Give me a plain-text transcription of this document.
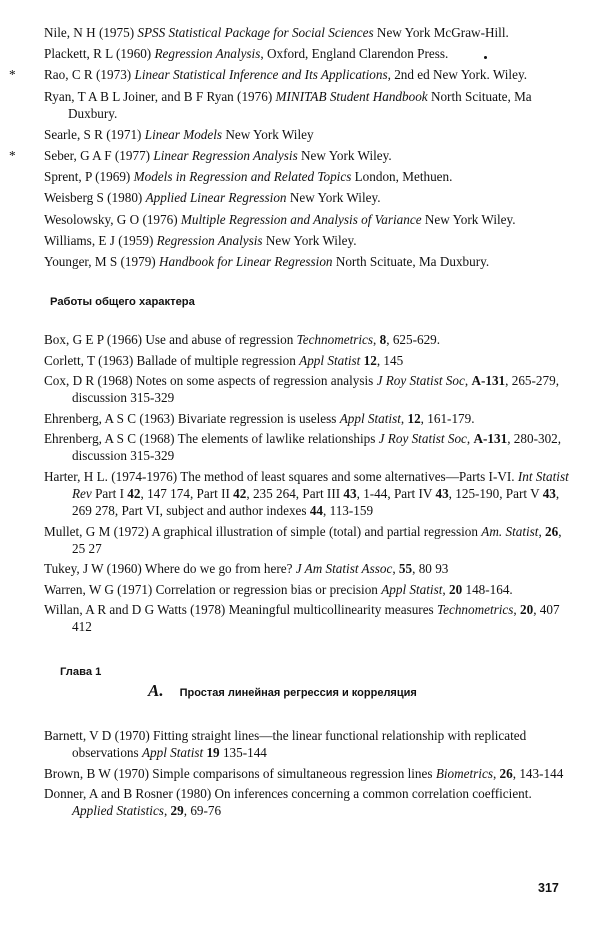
Nile, N H (1975) SPSS Statistical Package for Social Sciences New York McGraw-Hill.

Plackett, R L (1960) Regression Analysis, Oxford, England Clarendon Press.

* Rao, C R (1973) Linear Statistical Inference and Its Applications, 2nd ed New York. Wiley.

Ryan, T A B L Joiner, and B F Ryan (1976) MINITAB Student Handbook North Scituate, Ma Duxbury.

Searle, S R (1971) Linear Models New York Wiley

* Seber, G A F (1977) Linear Regression Analysis New York Wiley.

Sprent, P (1969) Models in Regression and Related Topics London, Methuen.

Weisberg S (1980) Applied Linear Regression New York Wiley.

Wesolowsky, G O (1976) Multiple Regression and Analysis of Variance New York Wiley.

Williams, E J (1959) Regression Analysis New York Wiley.

Younger, M S (1979) Handbook for Linear Regression North Scituate, Ma Duxbury.

Работы общего характера

Box, G E P (1966) Use and abuse of regression Technometrics, 8, 625-629.

Corlett, T (1963) Ballade of multiple regression Appl Statist 12, 145

Cox, D R (1968) Notes on some aspects of regression analysis J Roy Statist Soc, A-131, 265-279, discussion 315-329

Ehrenberg, A S C (1963) Bivariate regression is useless Appl Statist, 12, 161-179.

Ehrenberg, A S C (1968) The elements of lawlike relationships J Roy Statist Soc, A-131, 280-302, discussion 315-329

Harter, H L. (1974-1976) The method of least squares and some alternatives—Parts I-VI. Int Statist Rev Part I 42, 147 174, Part II 42, 235 264, Part III 43, 1-44, Part IV 43, 125-190, Part V 43, 269 278, Part VI, subject and author indexes 44, 113-159

Mullet, G M (1972) A graphical illustration of simple (total) and partial regression Am. Statist, 26, 25 27

Tukey, J W (1960) Where do we go from here? J Am Statist Assoc, 55, 80 93

Warren, W G (1971) Correlation or regression bias or precision Appl Statist, 20 148-164.

Willan, A R and D G Watts (1978) Meaningful multicollinearity measures Technometrics, 20, 407 412

Глава 1
A. Простая линейная регрессия и корреляция

Barnett, V D (1970) Fitting straight lines—the linear functional relationship with replicated observations Appl Statist 19 135-144

Brown, B W (1970) Simple comparisons of simultaneous regression lines Biometrics, 26, 143-144

Donner, A and B Rosner (1980) On inferences concerning a common correlation coefficient. Applied Statistics, 29, 69-76

317
